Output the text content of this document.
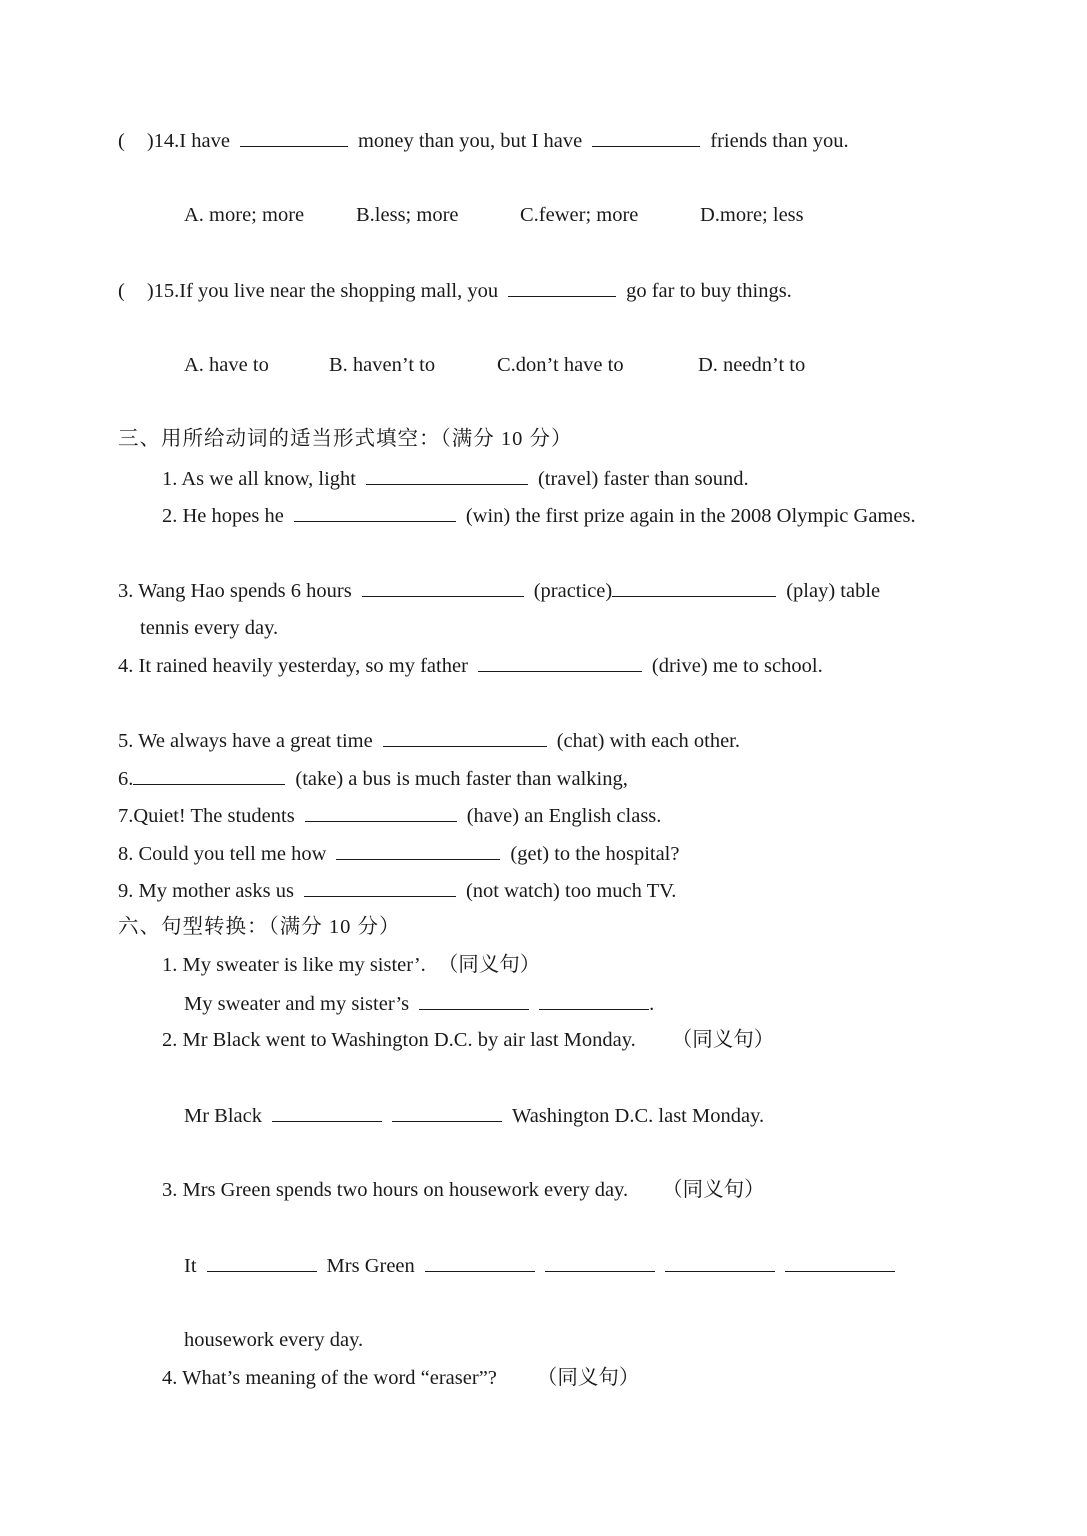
( )14.I have	money than you, but I have	friends than you.
A. more; more	B.less; more	C.fewer; more	D.more; less
( )15.If you live near the shopping mall, you	go far to buy things.
A. have to	B. haven’t to	C.don’t have to	D. needn’t to
三、用所给动词的适当形式填空：（满分 10 分）
1. As we all know, light	(travel) faster than sound.
2. He hopes he	(win) the first prize again in the 2008 Olympic Games.
3. Wang Hao spends 6 hours	(practice)	(play) table
tennis every day.
4. It rained heavily yesterday, so my father	(drive) me to school.
5. We always have a great time	(chat) with each other.
6.	(take) a bus is much faster than walking,
7.Quiet! The students	(have) an English class.
8. Could you tell me how	(get) to the hospital?
9. My mother asks us	(not watch) too much TV.
六、句型转换：（满分 10 分）
1. My sweater is like my sister’. （同义句）
My sweater and my sister’s	.
2. Mr Black went to Washington D.C. by air last Monday. （同义句）
Mr Black	Washington D.C. last Monday.
3. Mrs Green spends two hours on housework every day. （同义句）
It	Mrs Green
housework every day.
4. What’s meaning of the word “eraser”? （同义句）
